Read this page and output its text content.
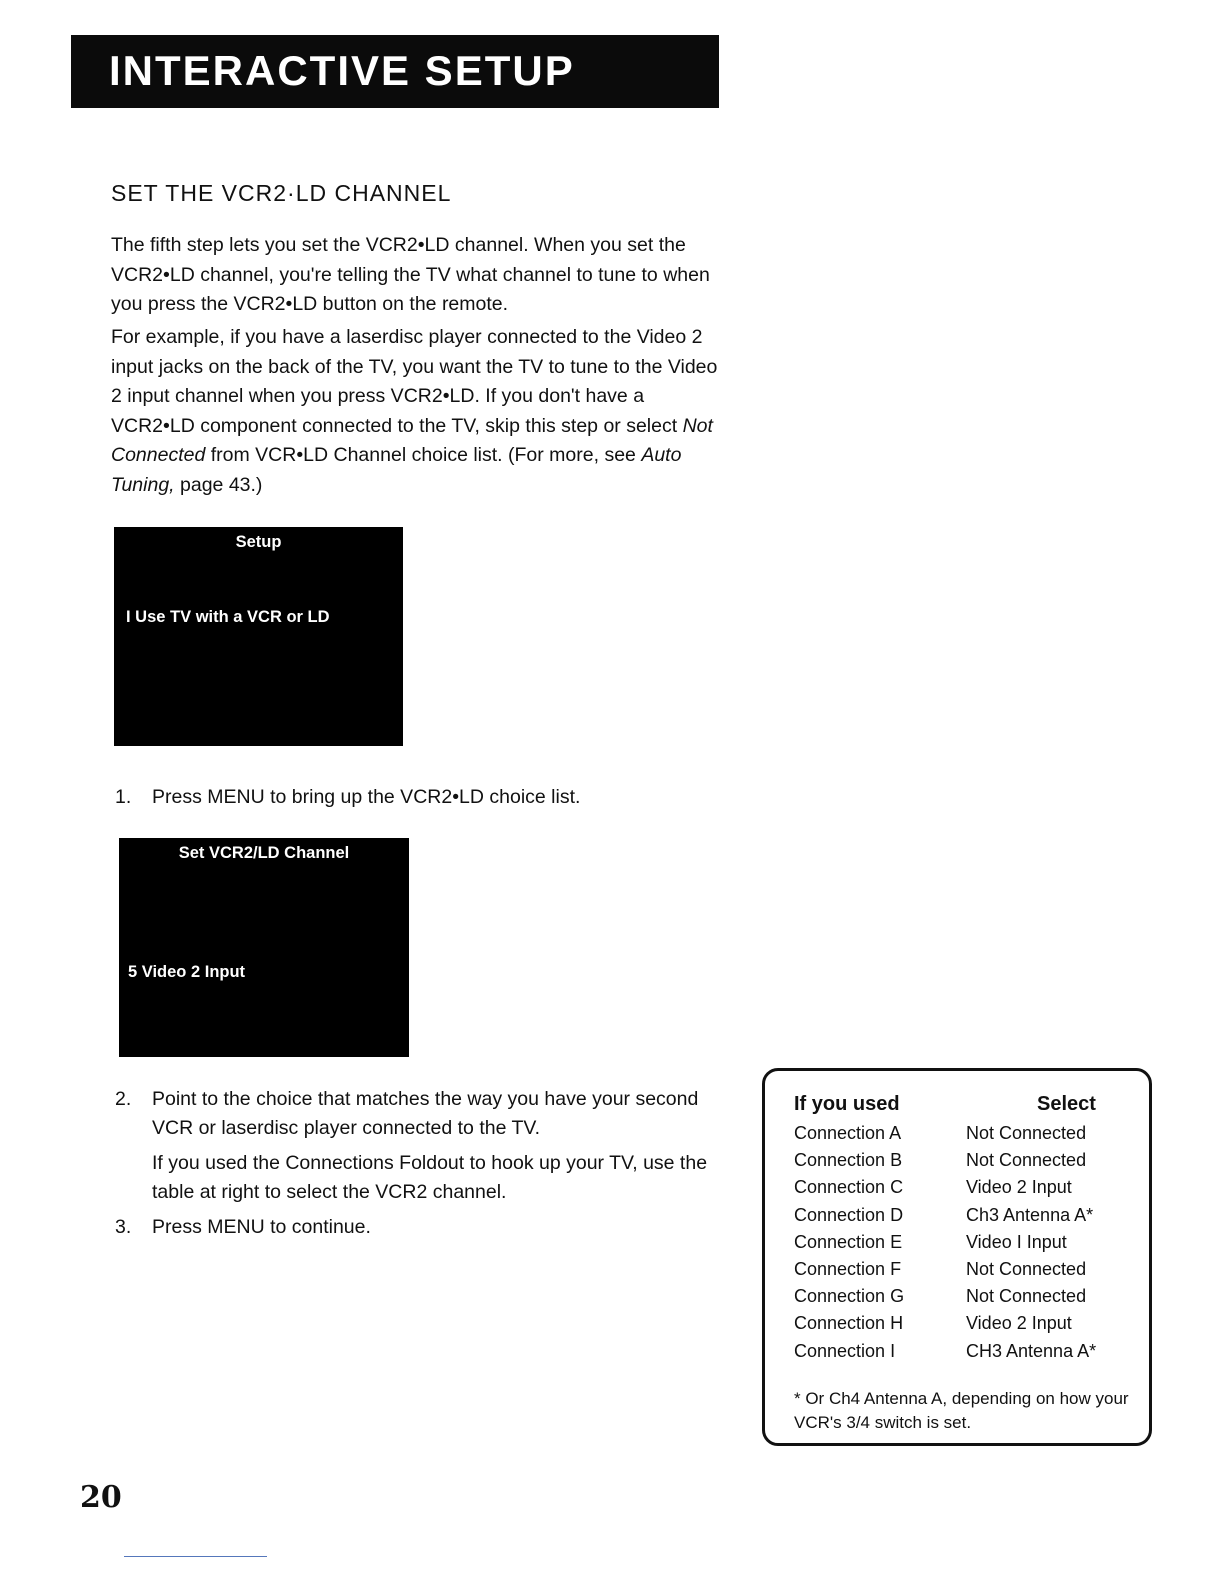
INTERACTIVE SETUP
SET THE VCR2·LD CHANNEL
The fifth step lets you set the VCR2•LD channel. When you set the VCR2•LD channel, you're telling the TV what channel to tune to when you press the VCR2•LD button on the remote.
For example, if you have a laserdisc player connected to the Video 2 input jacks on the back of the TV, you want the TV to tune to the Video 2 input channel when you press VCR2•LD. If you don't have a VCR2•LD component connected to the TV, skip this step or select Not Connected from VCR•LD Channel choice list. (For more, see Auto Tuning, page 43.)
Setup
I Use TV with a VCR or LD
1. Press MENU to bring up the VCR2•LD choice list.
Set VCR2/LD Channel
5 Video 2 Input
2. Point to the choice that matches the way you have your second VCR or laserdisc player connected to the TV.
If you used the Connections Foldout to hook up your TV, use the table at right to select the VCR2 channel.
3. Press MENU to continue.
If you used	Select
Connection A	Not Connected
Connection B	Not Connected
Connection C	Video 2 Input
Connection D	Ch3 Antenna A*
Connection E	Video I Input
Connection F	Not Connected
Connection G	Not Connected
Connection H	Video 2 Input
Connection I	CH3 Antenna A*
* Or Ch4 Antenna A, depending on how your VCR's 3/4 switch is set.
20
